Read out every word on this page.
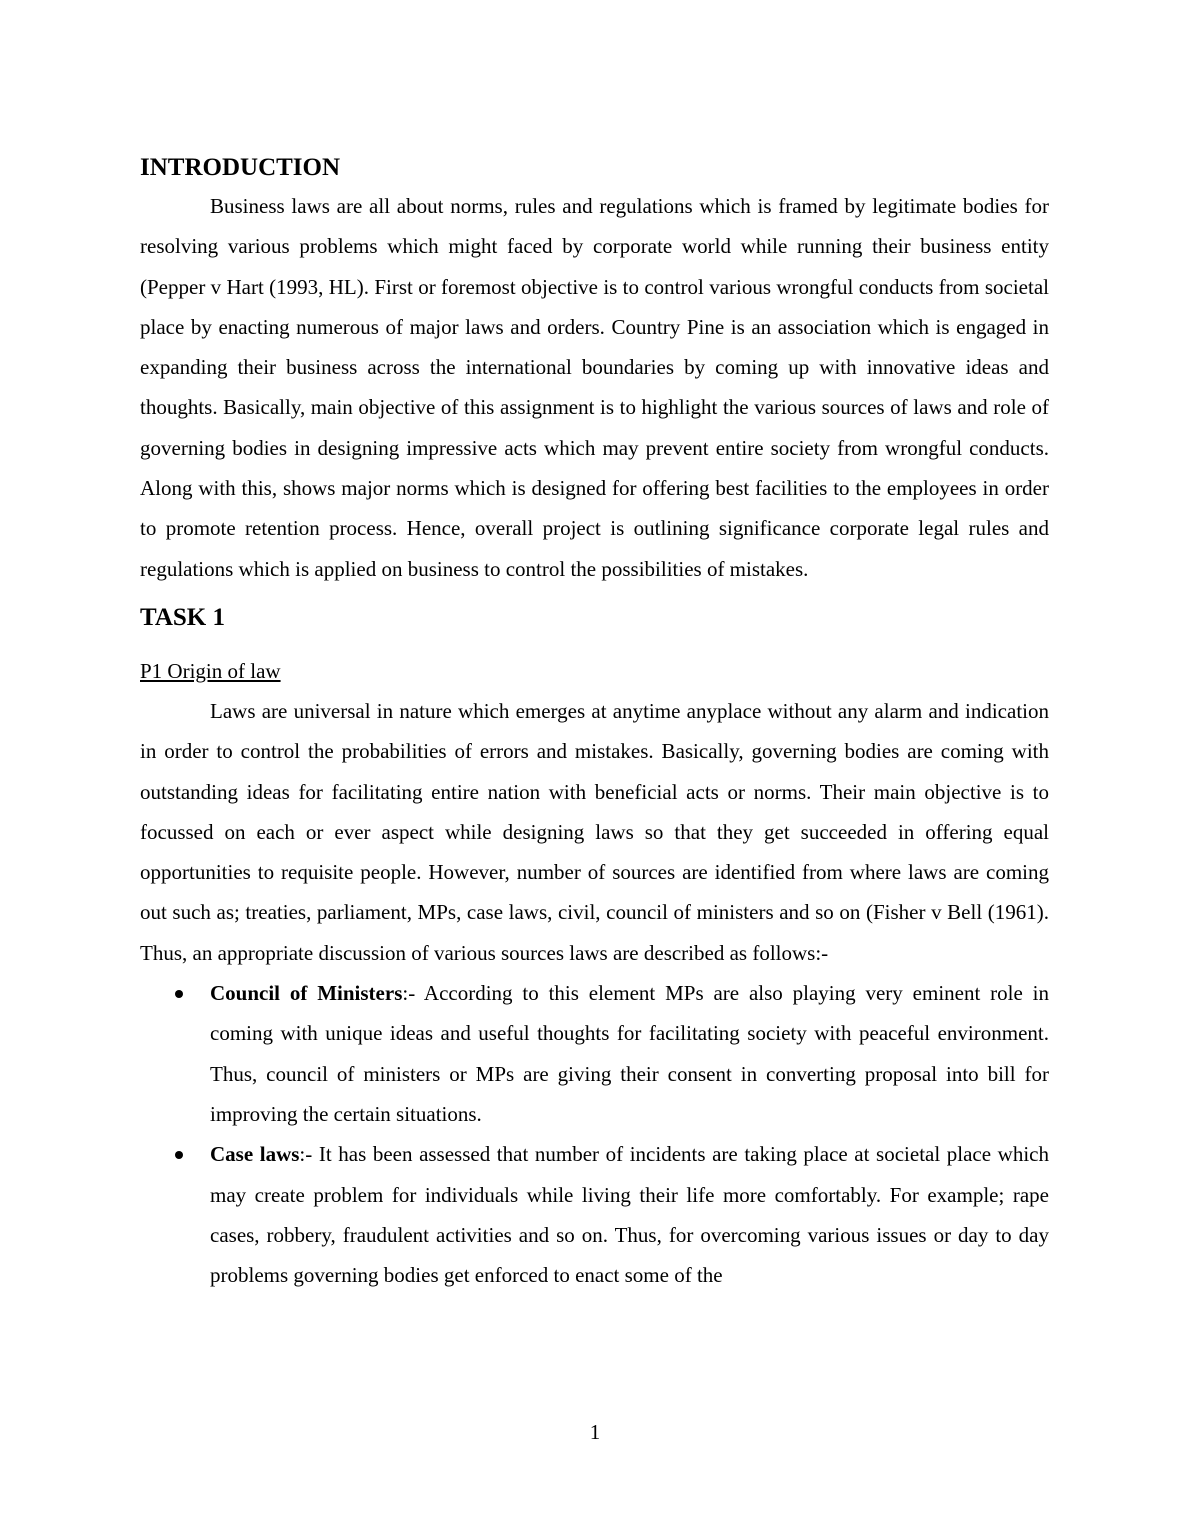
INTRODUCTION

Business laws are all about norms, rules and regulations which is framed by legitimate bodies for resolving various problems which might faced by corporate world while running their business entity (Pepper v Hart (1993, HL). First or foremost objective is to control various wrongful conducts from societal place by enacting numerous of major laws and orders. Country Pine is an association which is engaged in expanding their business across the international boundaries by coming up with innovative ideas and thoughts. Basically, main objective of this assignment is to highlight the various sources of laws and role of governing bodies in designing impressive acts which may prevent entire society from wrongful conducts. Along with this, shows major norms which is designed for offering best facilities to the employees in order to promote retention process. Hence, overall project is outlining significance corporate legal rules and regulations which is applied on business to control the possibilities of mistakes.

TASK 1
P1 Origin of law

Laws are universal in nature which emerges at anytime anyplace without any alarm and indication in order to control the probabilities of errors and mistakes. Basically, governing bodies are coming with outstanding ideas for facilitating entire nation with beneficial acts or norms. Their main objective is to focussed on each or ever aspect while designing laws so that they get succeeded in offering equal opportunities to requisite people. However, number of sources are identified from where laws are coming out such as; treaties, parliament, MPs, case laws, civil, council of ministers and so on (Fisher v Bell (1961). Thus, an appropriate discussion of various sources laws are described as follows:-

Council of Ministers:- According to this element MPs are also playing very eminent role in coming with unique ideas and useful thoughts for facilitating society with peaceful environment. Thus, council of ministers or MPs are giving their consent in converting proposal into bill for improving the certain situations.
Case laws:- It has been assessed that number of incidents are taking place at societal place which may create problem for individuals while living their life more comfortably. For example; rape cases, robbery, fraudulent activities and so on. Thus, for overcoming various issues or day to day problems governing bodies get enforced to enact some of the
1
